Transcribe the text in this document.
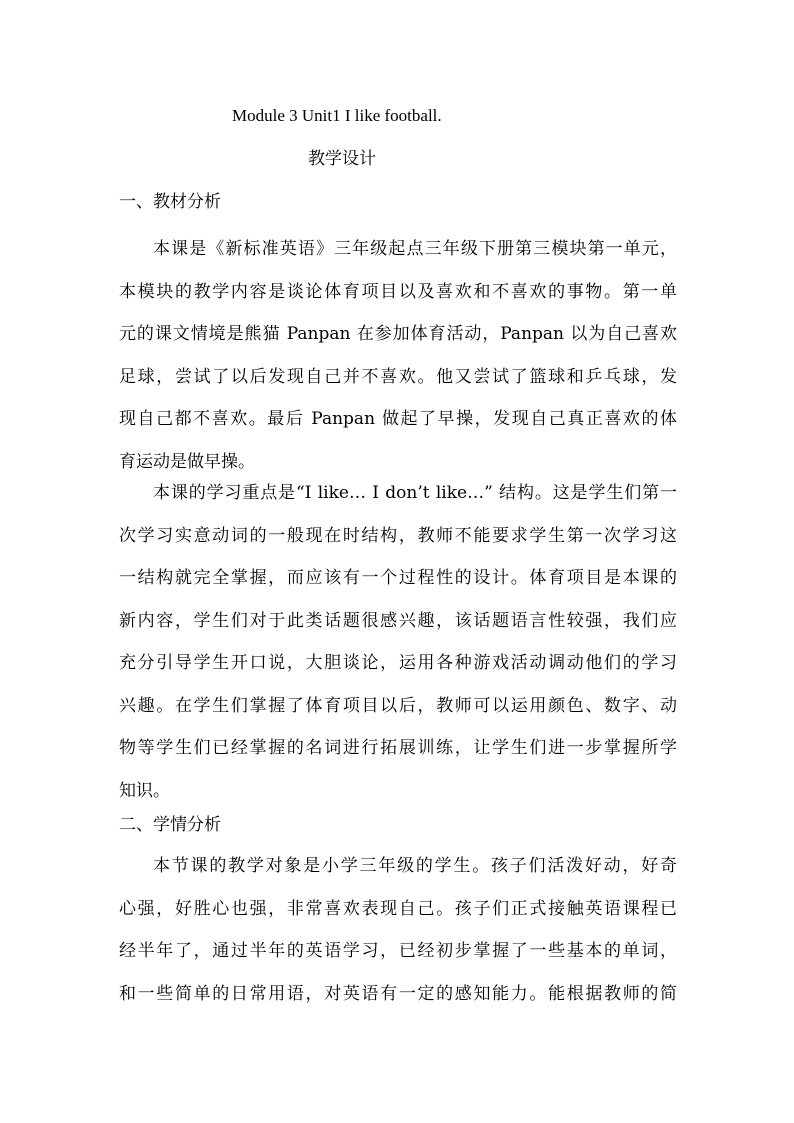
Module 3 Unit1 I like football.
教学设计
一、教材分析
本课是《新标准英语》三年级起点三年级下册第三模块第一单元，
本模块的教学内容是谈论体育项目以及喜欢和不喜欢的事物。第一单
元的课文情境是熊猫 Panpan 在参加体育活动，Panpan 以为自己喜欢
足球，尝试了以后发现自己并不喜欢。他又尝试了篮球和乒乓球，发
现自己都不喜欢。最后 Panpan 做起了早操，发现自己真正喜欢的体
育运动是做早操。
本课的学习重点是“I like… I don’t like…” 结构。这是学生们第一
次学习实意动词的一般现在时结构，教师不能要求学生第一次学习这
一结构就完全掌握，而应该有一个过程性的设计。体育项目是本课的
新内容，学生们对于此类话题很感兴趣，该话题语言性较强，我们应
充分引导学生开口说，大胆谈论，运用各种游戏活动调动他们的学习
兴趣。在学生们掌握了体育项目以后，教师可以运用颜色、数字、动
物等学生们已经掌握的名词进行拓展训练，让学生们进一步掌握所学
知识。
二、学情分析
本节课的教学对象是小学三年级的学生。孩子们活泼好动，好奇
心强，好胜心也强，非常喜欢表现自己。孩子们正式接触英语课程已
经半年了，通过半年的英语学习，已经初步掌握了一些基本的单词，
和一些简单的日常用语，对英语有一定的感知能力。能根据教师的简
